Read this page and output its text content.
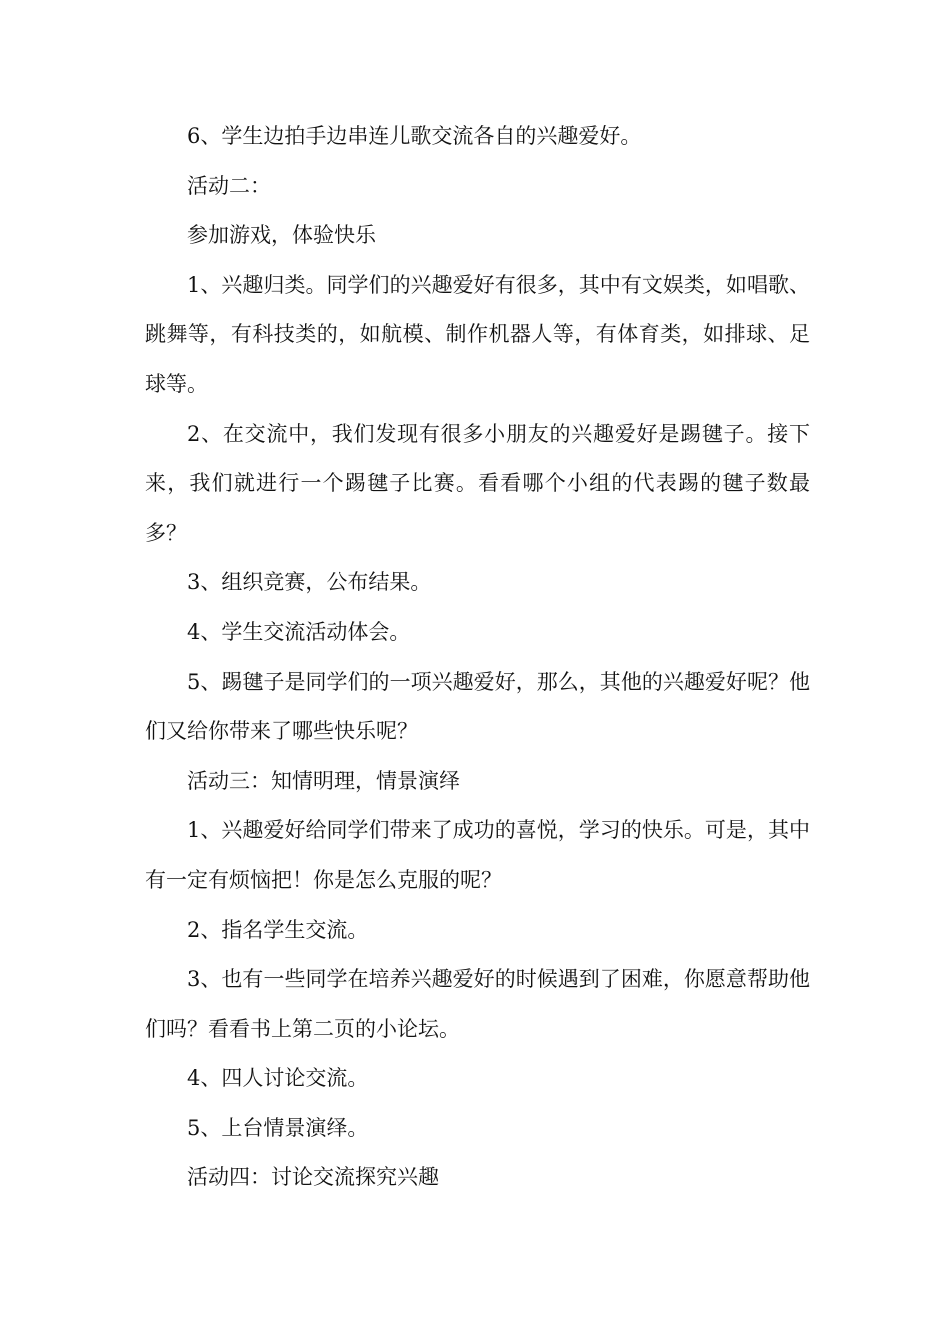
6、学生边拍手边串连儿歌交流各自的兴趣爱好。

活动二：

参加游戏，体验快乐

1、兴趣归类。同学们的兴趣爱好有很多，其中有文娱类，如唱歌、跳舞等，有科技类的，如航模、制作机器人等，有体育类，如排球、足球等。

2、在交流中，我们发现有很多小朋友的兴趣爱好是踢毽子。接下来，我们就进行一个踢毽子比赛。看看哪个小组的代表踢的毽子数最多？

3、组织竞赛，公布结果。

4、学生交流活动体会。

5、踢毽子是同学们的一项兴趣爱好，那么，其他的兴趣爱好呢？他们又给你带来了哪些快乐呢？

活动三：知情明理，情景演绎

1、兴趣爱好给同学们带来了成功的喜悦，学习的快乐。可是，其中有一定有烦恼把！你是怎么克服的呢？

2、指名学生交流。

3、也有一些同学在培养兴趣爱好的时候遇到了困难，你愿意帮助他们吗？看看书上第二页的小论坛。

4、四人讨论交流。

5、上台情景演绎。

活动四：讨论交流探究兴趣
